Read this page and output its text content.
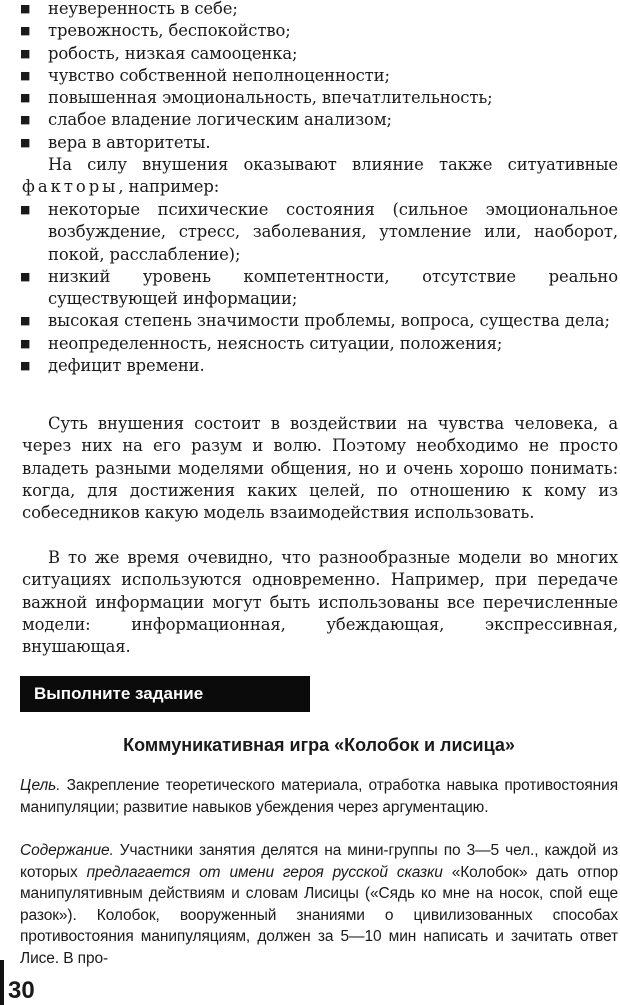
■ неуверенность в себе;
■ тревожность, беспокойство;
■ робость, низкая самооценка;
■ чувство собственной неполноценности;
■ повышенная эмоциональность, впечатлительность;
■ слабое владение логическим анализом;
■ вера в авторитеты.

На силу внушения оказывают влияние также ситуативные факторы, например:

■ некоторые психические состояния (сильное эмоциональное возбуждение, стресс, заболевания, утомление или, наоборот, покой, расслабление);
■ низкий уровень компетентности, отсутствие реально существующей информации;
■ высокая степень значимости проблемы, вопроса, существа дела;
■ неопределенность, неясность ситуации, положения;
■ дефицит времени.

Суть внушения состоит в воздействии на чувства человека, а через них на его разум и волю. Поэтому необходимо не просто владеть разными моделями общения, но и очень хорошо понимать: когда, для достижения каких целей, по отношению к кому из собеседников какую модель взаимодействия использовать.

В то же время очевидно, что разнообразные модели во многих ситуациях используются одновременно. Например, при передаче важной информации могут быть использованы все перечисленные модели: информационная, убеждающая, экспрессивная, внушающая.

Выполните задание
Коммуникативная игра «Колобок и лисица»

Цель. Закрепление теоретического материала, отработка навыка противостояния манипуляции; развитие навыков убеждения через аргументацию.

Содержание. Участники занятия делятся на мини-группы по 3—5 чел., каждой из которых предлагается от имени героя русской сказки «Колобок» дать отпор манипулятивным действиям и словам Лисицы («Сядь ко мне на носок, спой еще разок»). Колобок, вооруженный знаниями о цивилизованных способах противостояния манипуляциям, должен за 5—10 мин написать и зачитать ответ Лисе. В про-

30
